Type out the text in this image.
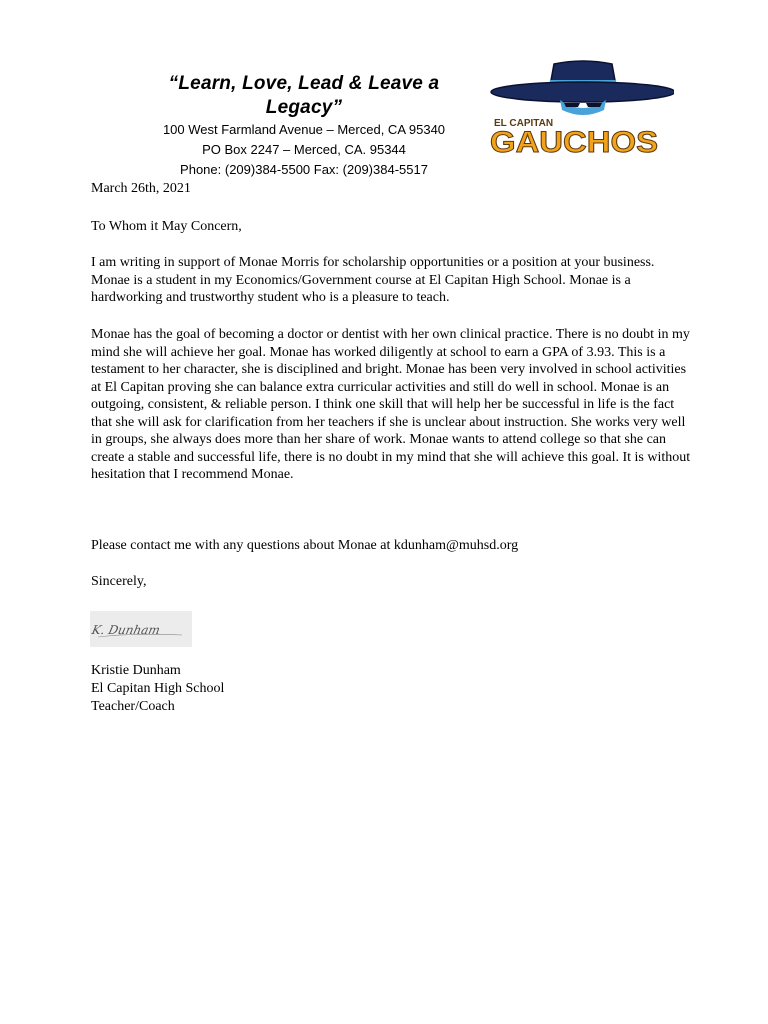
“Learn, Love, Lead & Leave a Legacy”
100 West Farmland Avenue – Merced, CA 95340
PO Box 2247 – Merced, CA. 95344
Phone: (209)384-5500 Fax: (209)384-5517
EL CAPITAN
GAUCHOS
March 26th, 2021
To Whom it May Concern,
I am writing in support of Monae Morris for scholarship opportunities or a position at your business. Monae is a student in my Economics/Government course at El Capitan High School. Monae is a hardworking and trustworthy student who is a pleasure to teach.
Monae has the goal of becoming a doctor or dentist with her own clinical practice. There is no doubt in my mind she will achieve her goal. Monae has worked diligently at school to earn a GPA of 3.93. This is a testament to her character, she is disciplined and bright. Monae has been very involved in school activities at El Capitan proving she can balance extra curricular activities and still do well in school. Monae is an outgoing, consistent, & reliable person. I think one skill that will help her be successful in life is the fact that she will ask for clarification from her teachers if she is unclear about instruction. She works very well in groups, she always does more than her share of work. Monae wants to attend college so that she can create a stable and successful life, there is no doubt in my mind that she will achieve this goal. It is without hesitation that I recommend Monae.
Please contact me with any questions about Monae at kdunham@muhsd.org
Sincerely,
K. Dunham
Kristie Dunham
El Capitan High School
Teacher/Coach
